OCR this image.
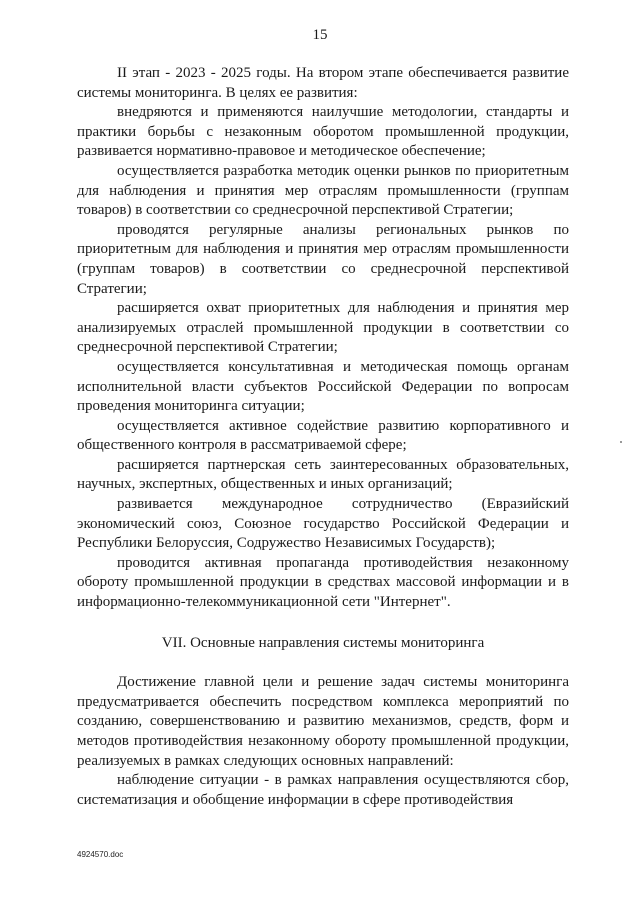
15

II этап - 2023 - 2025 годы. На втором этапе обеспечивается развитие системы мониторинга. В целях ее развития:

внедряются и применяются наилучшие методологии, стандарты и практики борьбы с незаконным оборотом промышленной продукции, развивается нормативно-правовое и методическое обеспечение;

осуществляется разработка методик оценки рынков по приоритетным для наблюдения и принятия мер отраслям промышленности (группам товаров) в соответствии со среднесрочной перспективой Стратегии;

проводятся регулярные анализы региональных рынков по приоритетным для наблюдения и принятия мер отраслям промышленности (группам товаров) в соответствии со среднесрочной перспективой Стратегии;

расширяется охват приоритетных для наблюдения и принятия мер анализируемых отраслей промышленной продукции в соответствии со среднесрочной перспективой Стратегии;

осуществляется консультативная и методическая помощь органам исполнительной власти субъектов Российской Федерации по вопросам проведения мониторинга ситуации;

осуществляется активное содействие развитию корпоративного и общественного контроля в рассматриваемой сфере;

расширяется партнерская сеть заинтересованных образовательных, научных, экспертных, общественных и иных организаций;

развивается международное сотрудничество (Евразийский экономический союз, Союзное государство Российской Федерации и Республики Белоруссия, Содружество Независимых Государств);

проводится активная пропаганда противодействия незаконному обороту промышленной продукции в средствах массовой информации и в информационно-телекоммуникационной сети "Интернет".

VII. Основные направления системы мониторинга

Достижение главной цели и решение задач системы мониторинга предусматривается обеспечить посредством комплекса мероприятий по созданию, совершенствованию и развитию механизмов, средств, форм и методов противодействия незаконному обороту промышленной продукции, реализуемых в рамках следующих основных направлений:

наблюдение ситуации - в рамках направления осуществляются сбор, систематизация и обобщение информации в сфере противодействия

4924570.doc
